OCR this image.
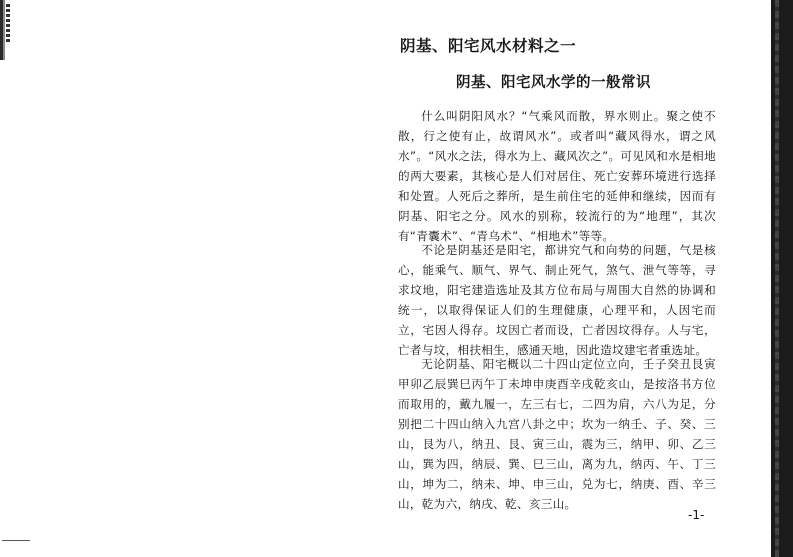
阴基、阳宅风水材料之一
阴基、阳宅风水学的一般常识
什么叫阴阳风水？“气乘风而散，界水则止。聚之使不散，行之使有止，故谓风水”。或者叫“藏风得水，谓之风水”。“风水之法，得水为上、藏风次之”。可见风和水是相地的两大要素，其核心是人们对居住、死亡安葬环境进行选择和处置。人死后之葬所，是生前住宅的延伸和继续，因而有阴基、阳宅之分。风水的别称，较流行的为“地理”，其次有“青囊术”、“青乌术”、“相地术”等等。
不论是阴基还是阳宅，都讲究气和向势的问题，气是核心，能乘气、顺气、界气、制止死气，煞气、泄气等等，寻求坟地，阳宅建造选址及其方位布局与周围大自然的协调和统一，以取得保证人们的生理健康，心理平和，人因宅而立，宅因人得存。坟因亡者而设，亡者因坟得存。人与宅，亡者与坟，相扶相生，感通天地，因此造坟建宅者重选址。
无论阴基、阳宅概以二十四山定位立向，壬子癸丑艮寅甲卯乙辰巽巳丙午丁未坤申庚酉辛戌乾亥山，是按洛书方位而取用的，戴九履一，左三右七，二四为肩，六八为足，分别把二十四山纳入九宫八卦之中；坎为一纳壬、子、癸、三山，艮为八，纳丑、艮、寅三山，震为三，纳甲、卯、乙三山，巽为四，纳辰、巽、巳三山，离为九，纳丙、午、丁三山，坤为二，纳未、坤、申三山，兑为七，纳庚、酉、辛三山，乾为六，纳戌、乾、亥三山。
-1-
